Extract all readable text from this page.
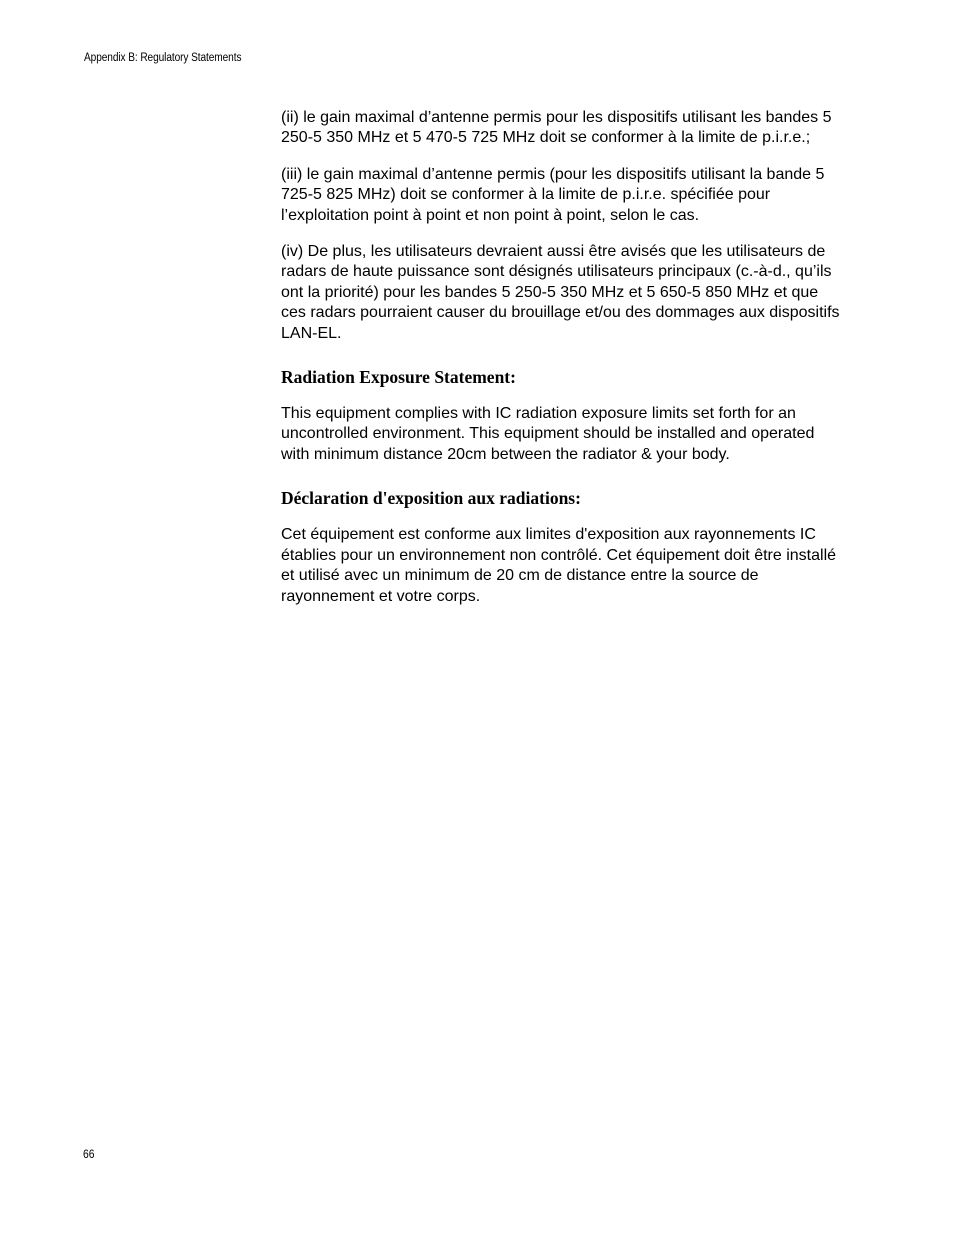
Appendix B: Regulatory Statements

(ii) le gain maximal d’antenne permis pour les dispositifs utilisant les bandes 5 250-5 350 MHz et 5 470-5 725 MHz doit se conformer à la limite de p.i.r.e.;

(iii) le gain maximal d’antenne permis (pour les dispositifs utilisant la bande 5 725-5 825 MHz) doit se conformer à la limite de p.i.r.e. spécifiée pour l’exploitation point à point et non point à point, selon le cas.

(iv) De plus, les utilisateurs devraient aussi être avisés que les utilisateurs de radars de haute puissance sont désignés utilisateurs principaux (c.-à-d., qu’ils ont la priorité) pour les bandes 5 250-5 350 MHz et 5 650-5 850 MHz et que ces radars pourraient causer du brouillage et/ou des dommages aux dispositifs LAN-EL.

Radiation Exposure Statement:

This equipment complies with IC radiation exposure limits set forth for an uncontrolled environment. This equipment should be installed and operated with minimum distance 20cm between the radiator & your body.

Déclaration d'exposition aux radiations:

Cet équipement est conforme aux limites d'exposition aux rayonnements IC établies pour un environnement non contrôlé. Cet équipement doit être installé et utilisé avec un minimum de 20 cm de distance entre la source de rayonnement et votre corps.

66
